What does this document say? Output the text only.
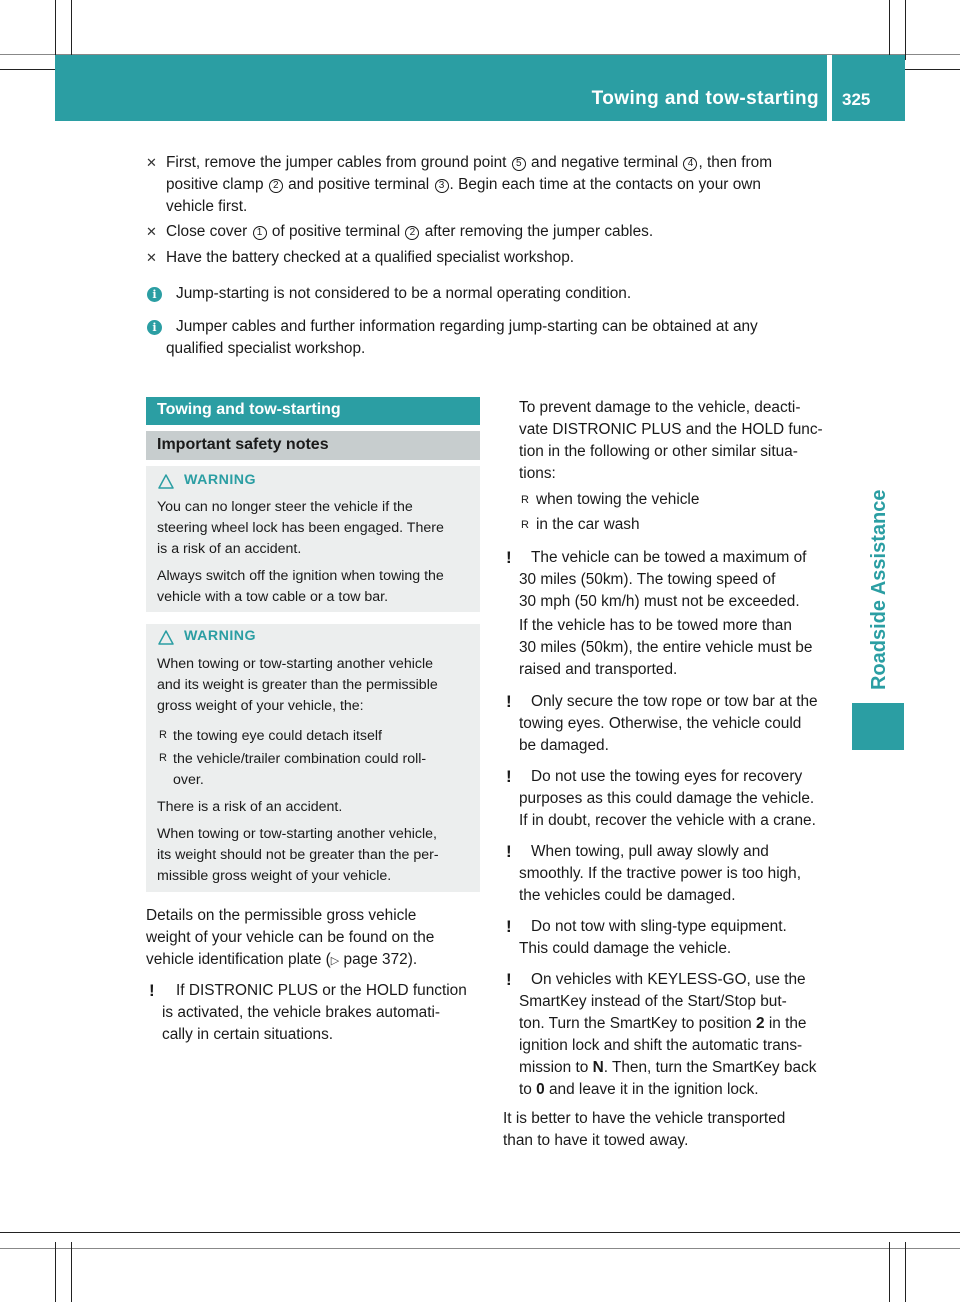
Towing and tow-starting 325
Roadside Assistance
✕ First, remove the jumper cables from ground point 5 and negative terminal 4 , then from
positive clamp 2 and positive terminal 3 . Begin each time at the contacts on your own
vehicle first.
✕ Close cover 1 of positive terminal 2 after removing the jumper cables.
✕ Have the battery checked at a qualified specialist workshop.
i	Jump-starting is not considered to be a normal operating condition.
i	Jumper cables and further information regarding jump-starting can be obtained at any
qualified specialist workshop.
Towing and tow-starting
Important safety notes
WARNING
You can no longer steer the vehicle if the
steering wheel lock has been engaged. There
is a risk of an accident.
Always switch off the ignition when towing the
vehicle with a tow cable or a tow bar.
WARNING
When towing or tow-starting another vehicle
and its weight is greater than the permissible
gross weight of your vehicle, the:
R the towing eye could detach itself
R the vehicle/trailer combination could roll-
over.
There is a risk of an accident.
When towing or tow-starting another vehicle,
its weight should not be greater than the per-
missible gross weight of your vehicle.
Details on the permissible gross vehicle
weight of your vehicle can be found on the
vehicle identification plate (▷ page 372).
! If DISTRONIC PLUS or the HOLD function
is activated, the vehicle brakes automati-
cally in certain situations.
To prevent damage to the vehicle, deacti-
vate DISTRONIC PLUS and the HOLD func-
tion in the following or other similar situa-
tions:
R when towing the vehicle
R in the car wash
! The vehicle can be towed a maximum of
30 miles (50km). The towing speed of
30 mph (50 km/h) must not be exceeded.
If the vehicle has to be towed more than
30 miles (50km), the entire vehicle must be
raised and transported.
! Only secure the tow rope or tow bar at the
towing eyes. Otherwise, the vehicle could
be damaged.
! Do not use the towing eyes for recovery
purposes as this could damage the vehicle.
If in doubt, recover the vehicle with a crane.
! When towing, pull away slowly and
smoothly. If the tractive power is too high,
the vehicles could be damaged.
! Do not tow with sling-type equipment.
This could damage the vehicle.
! On vehicles with KEYLESS-GO, use the
SmartKey instead of the Start/Stop but-
ton. Turn the SmartKey to position 2 in the
ignition lock and shift the automatic trans-
mission to N. Then, turn the SmartKey back
to 0 and leave it in the ignition lock.
It is better to have the vehicle transported
than to have it towed away.
